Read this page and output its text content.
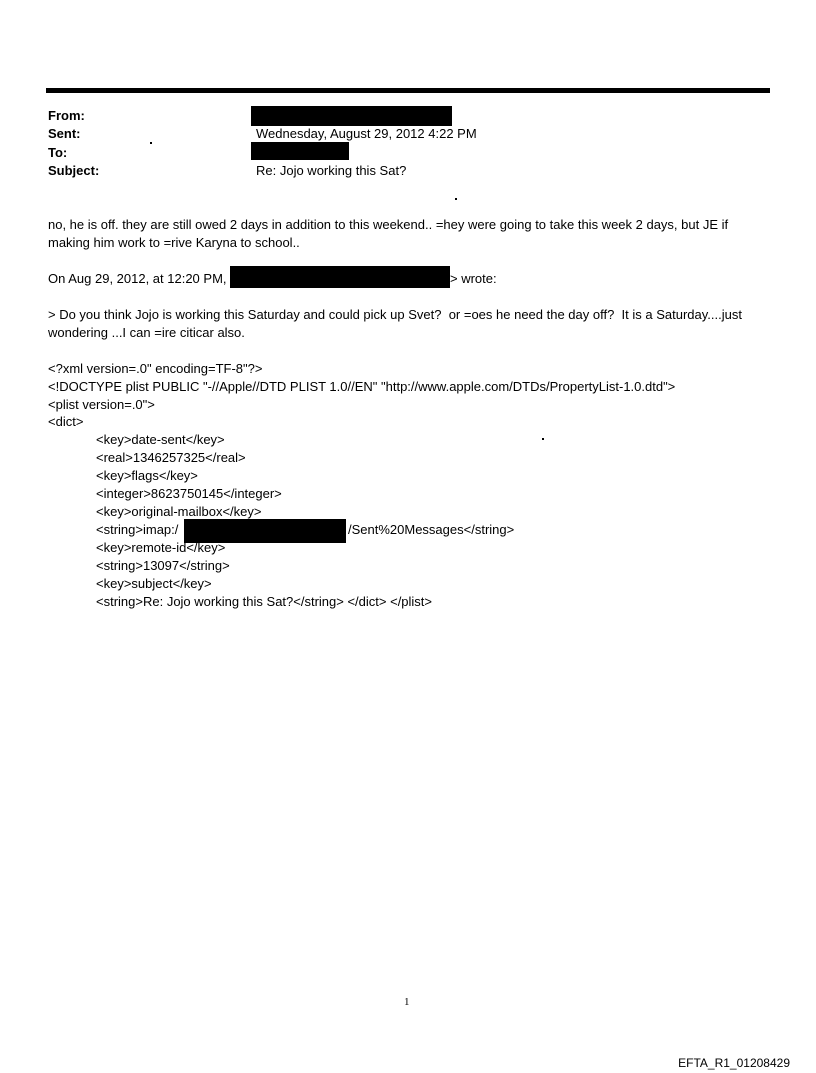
From:
Sent:
To:
Subject:
Wednesday, August 29, 2012 4:22 PM
Re: Jojo working this Sat?
no, he is off. they are still owed 2 days in addition to this weekend.. =hey were going to take this week 2 days, but JE if
making him work to =rive Karyna to school..
On Aug 29, 2012, at 12:20 PM,	> wrote:
> Do you think Jojo is working this Saturday and could pick up Svet?  or =oes he need the day off?  It is a Saturday....just
wondering ...I can =ire citicar also.
<?xml version=.0" encoding=TF-8"?>
<!DOCTYPE plist PUBLIC "-//Apple//DTD PLIST 1.0//EN" "http://www.apple.com/DTDs/PropertyList-1.0.dtd">
<plist version=.0">
<dict>
<key>date-sent</key>
<real>1346257325</real>
<key>flags</key>
<integer>8623750145</integer>
<key>original-mailbox</key>
<string>imap:/	/Sent%20Messages</string>
<key>remote-id</key>
<string>13097</string>
<key>subject</key>
<string>Re: Jojo working this Sat?</string> </dict> </plist>
1
EFTA_R1_01208429
